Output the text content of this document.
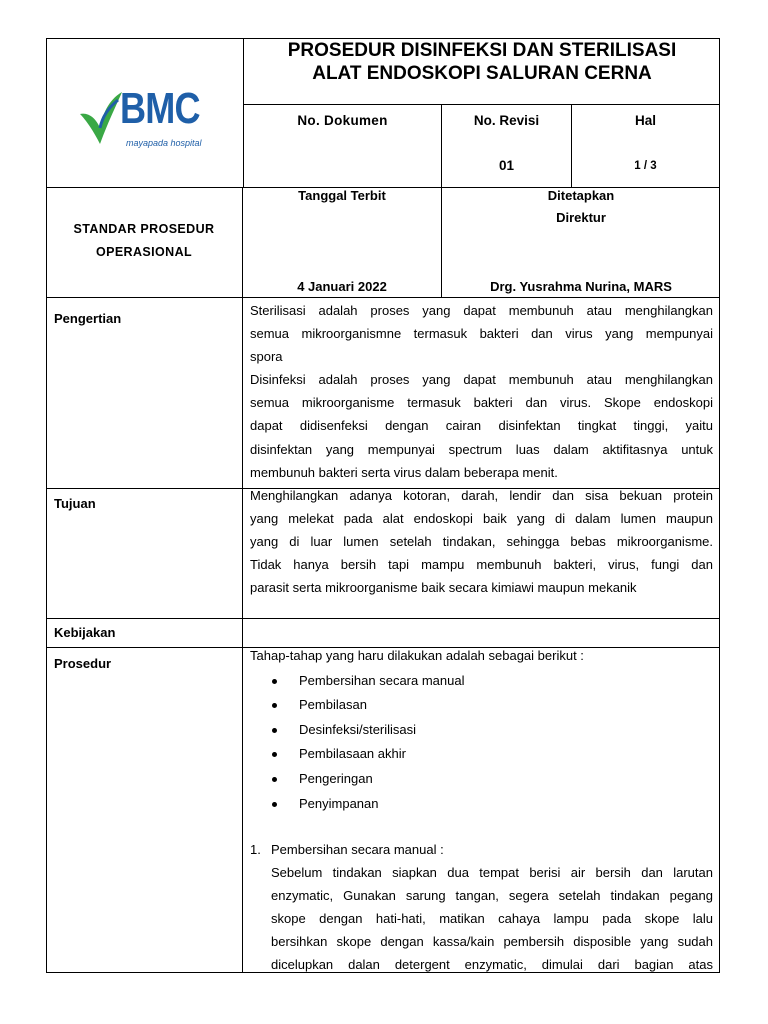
BMC
mayapada hospital
PROSEDUR DISINFEKSI DAN STERILISASI
ALAT ENDOSKOPI SALURAN CERNA
No. Dokumen	No. Revisi
01
Hal
1 / 3
STANDAR PROSEDUR
OPERASIONAL
Tanggal Terbit
4 Januari 2022
Ditetapkan
Direktur
Drg. Yusrahma Nurina, MARS
Pengertian
Tujuan
Kebijakan
Prosedur
Sterilisasi adalah proses yang dapat membunuh atau menghilangkan
semua mikroorganismne termasuk bakteri dan virus yang mempunyai
spora
Disinfeksi adalah proses yang dapat membunuh atau menghilangkan
semua mikroorganisme termasuk bakteri dan virus. Skope endoskopi
dapat didisenfeksi dengan cairan disinfektan tingkat tinggi, yaitu
disinfektan yang mempunyai spectrum luas dalam aktifitasnya untuk
membunuh bakteri serta virus dalam beberapa menit.
Menghilangkan adanya kotoran, darah, lendir dan sisa bekuan protein
yang melekat pada alat endoskopi baik yang di dalam lumen maupun
yang di luar lumen setelah tindakan, sehingga bebas mikroorganisme.
Tidak hanya bersih tapi mampu membunuh bakteri, virus, fungi dan
parasit serta mikroorganisme baik secara kimiawi maupun mekanik
Tahap-tahap yang haru dilakukan adalah sebagai berikut :
Pembersihan secara manual
Pembilasan
Desinfeksi/sterilisasi
Pembilasaan akhir
Pengeringan
Penyimpanan
1. Pembersihan secara manual :
Sebelum tindakan siapkan dua tempat berisi air bersih dan larutan
enzymatic, Gunakan sarung tangan, segera setelah tindakan pegang
skope dengan hati-hati, matikan cahaya lampu pada skope lalu
bersihkan skope dengan kassa/kain pembersih disposible yang sudah
dicelupkan dalan detergent enzymatic, dimulai dari bagian atas
